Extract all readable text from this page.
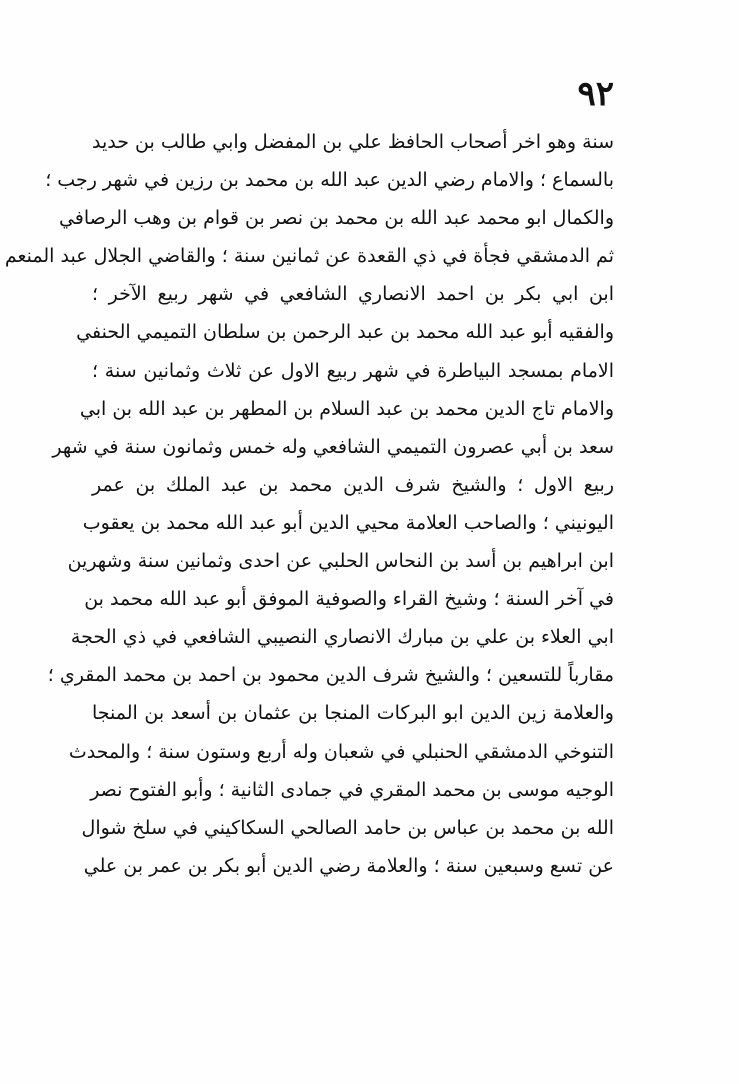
٩٢
سنة وهو اخر أصحاب الحافظ علي بن المفضل وابي طالب بن حديد
بالسماع ؛ والامام رضي الدين عبد الله بن محمد بن رزين في شهر رجب ؛
والكمال ابو محمد عبد الله بن محمد بن نصر بن قوام بن وهب الرصافي
ثم الدمشقي فجأة في ذي القعدة عن ثمانين سنة ؛ والقاضي الجلال عبد المنعم
ابن ابي بكر بن احمد الانصاري الشافعي في شهر ربيع الآخر ؛
والفقيه أبو عبد الله محمد بن عبد الرحمن بن سلطان التميمي الحنفي
الامام بمسجد البياطرة في شهر ربيع الاول عن ثلاث وثمانين سنة ؛
والامام تاج الدين محمد بن عبد السلام بن المطهر بن عبد الله بن ابي
سعد بن أبي عصرون التميمي الشافعي وله خمس وثمانون سنة في شهر
ربيع الاول ؛ والشيخ شرف الدين محمد بن عبد الملك بن عمر
اليونيني ؛ والصاحب العلامة محيي الدين أبو عبد الله محمد بن يعقوب
ابن ابراهيم بن أسد بن النحاس الحلبي عن احدى وثمانين سنة وشهرين
في آخر السنة ؛ وشيخ القراء والصوفية الموفق أبو عبد الله محمد بن
ابي العلاء بن علي بن مبارك الانصاري النصيبي الشافعي في ذي الحجة
مقارباً للتسعين ؛ والشيخ شرف الدين محمود بن احمد بن محمد المقري ؛
والعلامة زين الدين ابو البركات المنجا بن عثمان بن أسعد بن المنجا
التنوخي الدمشقي الحنبلي في شعبان وله أربع وستون سنة ؛ والمحدث
الوجيه موسى بن محمد المقري في جمادى الثانية ؛ وأبو الفتوح نصر
الله بن محمد بن عباس بن حامد الصالحي السكاكيني في سلخ شوال
عن تسع وسبعين سنة ؛ والعلامة رضي الدين أبو بكر بن عمر بن علي
